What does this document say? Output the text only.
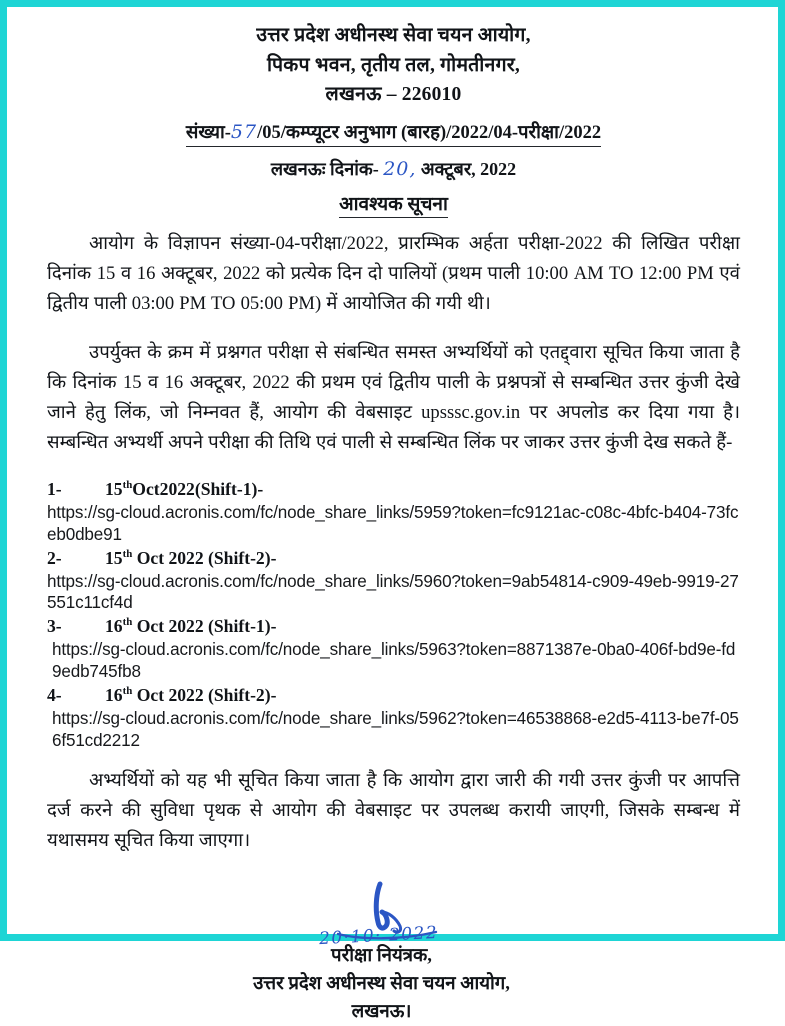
उत्तर प्रदेश अधीनस्थ सेवा चयन आयोग,
पिकप भवन, तृतीय तल, गोमतीनगर,
लखनऊ – 226010
संख्या-57/05/कम्प्यूटर अनुभाग (बारह)/2022/04-परीक्षा/2022
लखनऊः दिनांक- 20, अक्टूबर, 2022
आवश्यक सूचना

आयोग के विज्ञापन संख्या-04-परीक्षा/2022, प्रारम्भिक अर्हता परीक्षा-2022 की लिखित परीक्षा दिनांक 15 व 16 अक्टूबर, 2022 को प्रत्येक दिन दो पालियों (प्रथम पाली 10:00 AM TO 12:00 PM एवं द्वितीय पाली 03:00 PM TO 05:00 PM) में आयोजित की गयी थी।

उपर्युक्त के क्रम में प्रश्नगत परीक्षा से संबन्धित समस्त अभ्यर्थियों को एतद्द्वारा सूचित किया जाता है कि दिनांक 15 व 16 अक्टूबर, 2022 की प्रथम एवं द्वितीय पाली के प्रश्नपत्रों से सम्बन्धित उत्तर कुंजी देखे जाने हेतु लिंक, जो निम्नवत हैं, आयोग की वेबसाइट upsssc.gov.in पर अपलोड कर दिया गया है। सम्बन्धित अभ्यर्थी अपने परीक्षा की तिथि एवं पाली से सम्बन्धित लिंक पर जाकर उत्तर कुंजी देख सकते हैं-

1- 15thOct2022(Shift-1)-
https://sg-cloud.acronis.com/fc/node_share_links/5959?token=fc9121ac-c08c-4bfc-b404-73fceb0dbe91
2- 15th Oct 2022 (Shift-2)-
https://sg-cloud.acronis.com/fc/node_share_links/5960?token=9ab54814-c909-49eb-9919-27551c11cf4d
3- 16th Oct 2022 (Shift-1)-
https://sg-cloud.acronis.com/fc/node_share_links/5963?token=8871387e-0ba0-406f-bd9e-fd9edb745fb8
4- 16th Oct 2022 (Shift-2)-
https://sg-cloud.acronis.com/fc/node_share_links/5962?token=46538868-e2d5-4113-be7f-056f51cd2212

अभ्यर्थियों को यह भी सूचित किया जाता है कि आयोग द्वारा जारी की गयी उत्तर कुंजी पर आपत्ति दर्ज करने की सुविधा पृथक से आयोग की वेबसाइट पर उपलब्ध करायी जाएगी, जिसके सम्बन्ध में यथासमय सूचित किया जाएगा।

20·10· 2022
परीक्षा नियंत्रक,
उत्तर प्रदेश अधीनस्थ सेवा चयन आयोग,
लखनऊ।
